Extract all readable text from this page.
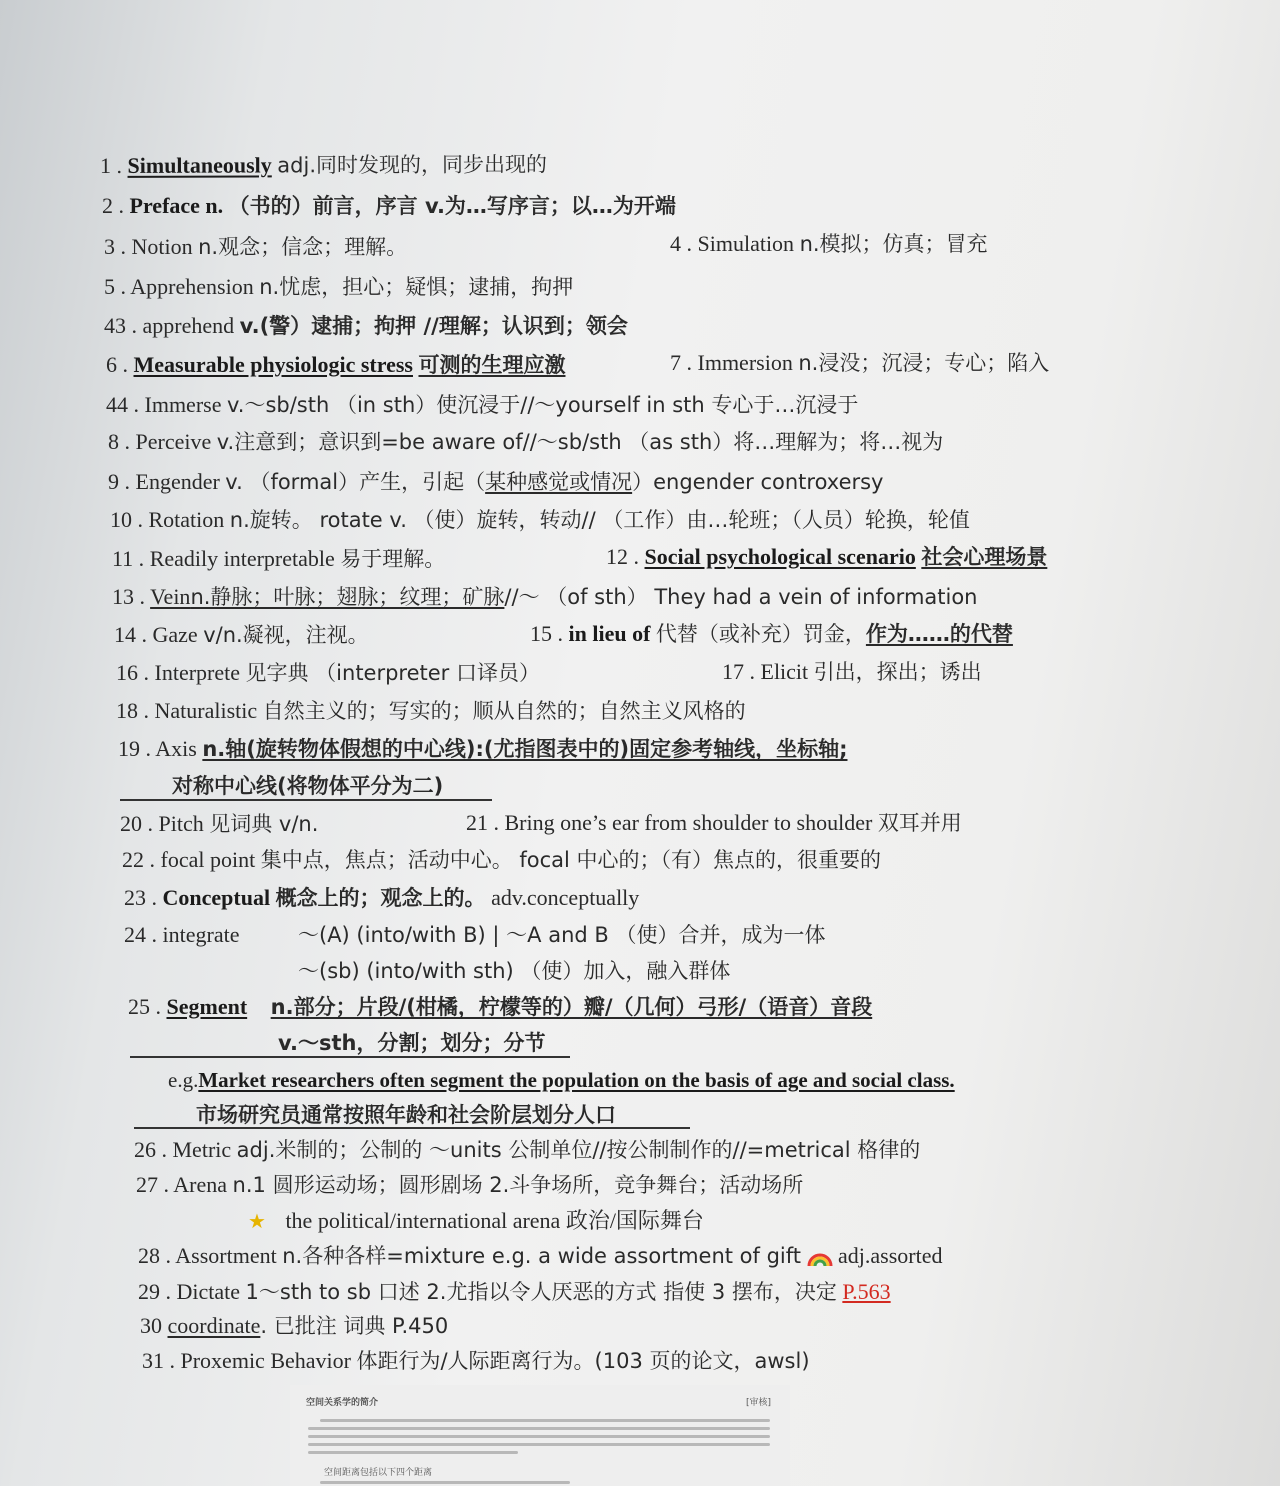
1 . Simultaneously adj.同时发现的，同步出现的
2 . Preface n. （书的）前言，序言 v.为…写序言；以…为开端
3 . Notion n.观念；信念；理解。	4 . Simulation n.模拟；仿真；冒充
5 . Apprehension n.忧虑，担心；疑惧；逮捕，拘押
43 . apprehend v.(警）逮捕；拘押 //理解；认识到；领会
6 . Measurable physiologic stress 可测的生理应激	7 . Immersion n.浸没；沉浸；专心；陷入
44 . Immerse v.～sb/sth （in sth）使沉浸于//～yourself in sth 专心于…沉浸于
8 . Perceive v.注意到；意识到=be aware of//～sb/sth （as sth）将…理解为；将…视为
9 . Engender v. （formal）产生，引起（某种感觉或情况）engender controxersy
10 . Rotation n.旋转。 rotate v. （使）旋转，转动// （工作）由…轮班；（人员）轮换，轮值
11 . Readily interpretable 易于理解。	12 . Social psychological scenario 社会心理场景
13 . Veinn.静脉；叶脉；翅脉；纹理；矿脉//～ （of sth） They had a vein of information
14 . Gaze v/n.凝视，注视。	15 . in lieu of 代替（或补充）罚金，作为……的代替
16 . Interprete 见字典 （interpreter 口译员）	17 . Elicit 引出，探出；诱出
18 . Naturalistic 自然主义的；写实的；顺从自然的；自然主义风格的
19 . Axis n.轴(旋转物体假想的中心线):(尤指图表中的)固定参考轴线，坐标轴;
对称中心线(将物体平分为二)
20 . Pitch 见词典 v/n.	21 . Bring one’s ear from shoulder to shoulder 双耳并用
22 . focal point 集中点，焦点；活动中心。 focal 中心的；（有）焦点的，很重要的
23 . Conceptual 概念上的；观念上的。 adv.conceptually
24 . integrate	～(A) (into/with B) | ～A and B （使）合并，成为一体
～(sb) (into/with sth) （使）加入，融入群体
25 . Segment n.部分；片段/(柑橘，柠檬等的）瓣/（几何）弓形/（语音）音段
v.～sth，分割；划分；分节
e.g.Market researchers often segment the population on the basis of age and social class.
市场研究员通常按照年龄和社会阶层划分人口
26 . Metric adj.米制的；公制的 ～units 公制单位//按公制制作的//=metrical 格律的
27 . Arena n.1 圆形运动场；圆形剧场 2.斗争场所，竞争舞台；活动场所
★ the political/international arena 政治/国际舞台
28 . Assortment n.各种各样=mixture e.g. a wide assortment of gift adj.assorted
29 . Dictate 1～sth to sb 口述 2.尤指以令人厌恶的方式 指使 3 摆布，决定 P.563
30 coordinate. 已批注 词典 P.450
31 . Proxemic Behavior 体距行为/人际距离行为。(103 页的论文，awsl)
空间关系学的简介	[审核]
空间距离包括以下四个距离
